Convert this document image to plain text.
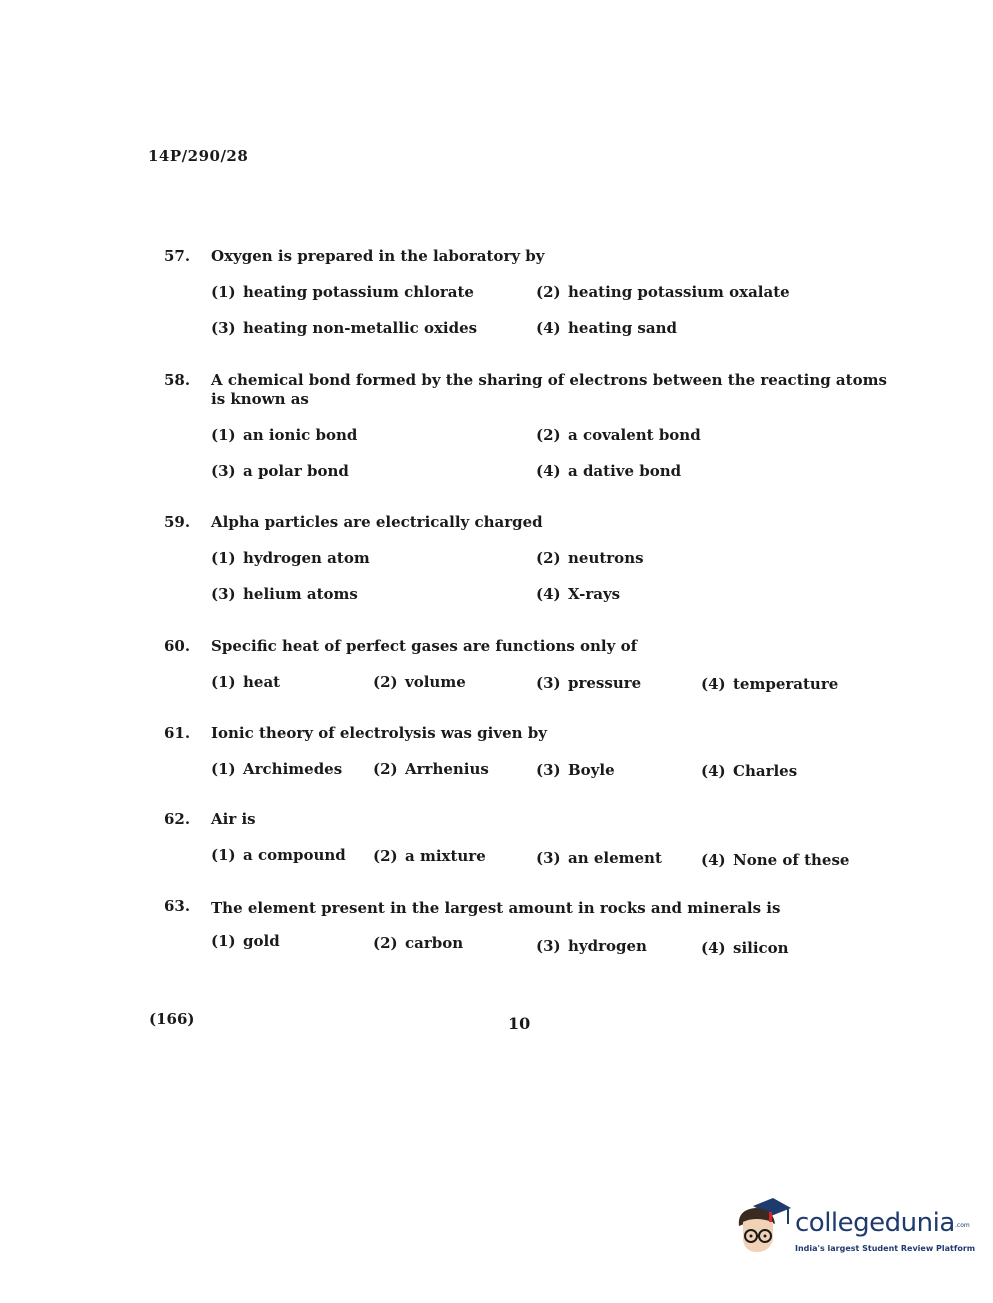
14P/290/28
57. Oxygen is prepared in the laboratory by
(1) heating potassium chlorate	(2) heating potassium oxalate
(3) heating non-metallic oxides	(4) heating sand
58. A chemical bond formed by the sharing of electrons between the reacting atoms is known as
(1) an ionic bond	(2) a covalent bond
(3) a polar bond	(4) a dative bond
59. Alpha particles are electrically charged
(1) hydrogen atom	(2) neutrons
(3) helium atoms	(4) X-rays
60. Specific heat of perfect gases are functions only of
(1) heat	(2) volume	(3) pressure	(4) temperature
61. Ionic theory of electrolysis was given by
(1) Archimedes (2) Arrhenius	(3) Boyle	(4) Charles
62. Air is
(1) a compound (2) a mixture	(3) an element	(4) None of these
63. The element present in the largest amount in rocks and minerals is
(1) gold	(2) carbon	(3) hydrogen	(4) silicon
(166)	10
collegedunia .com
India's largest Student Review Platform
